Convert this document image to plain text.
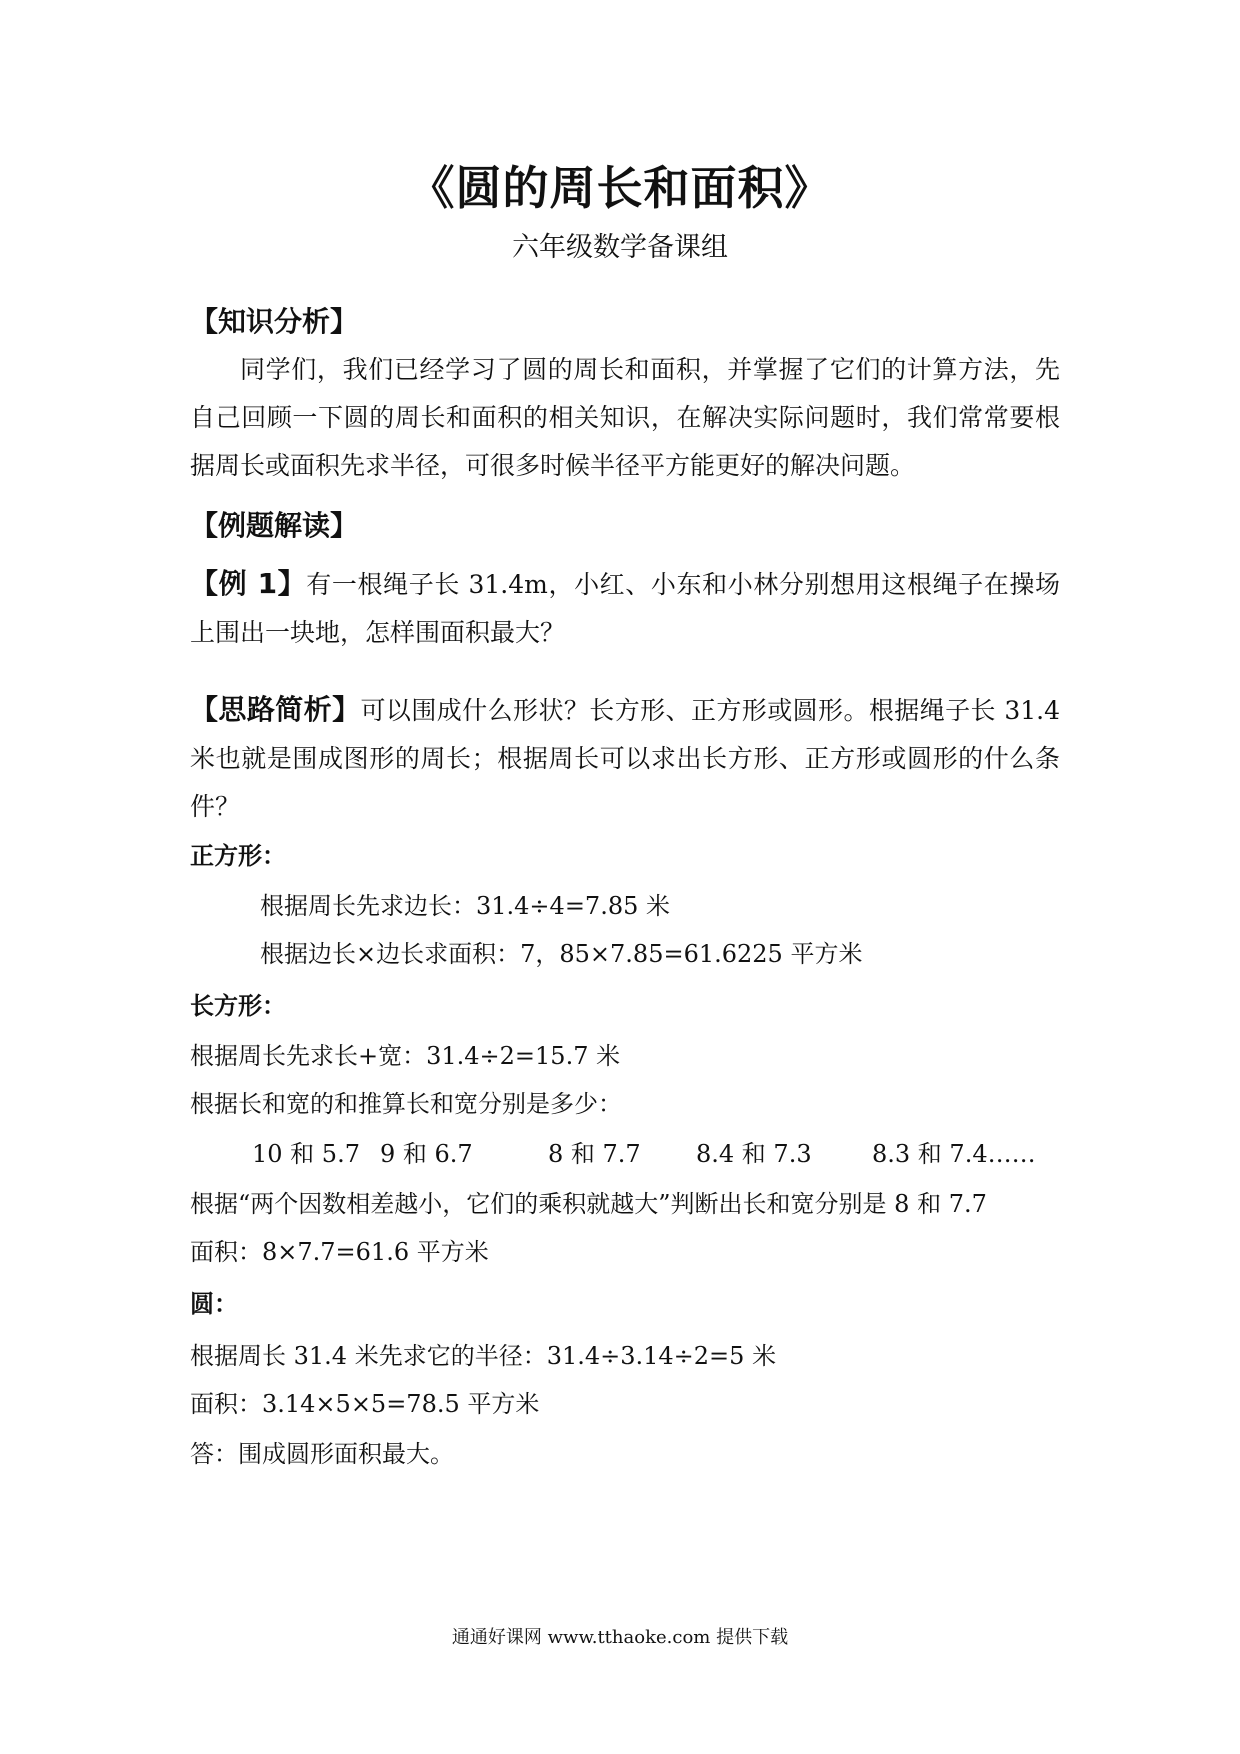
《圆的周长和面积》
六年级数学备课组
【知识分析】
同学们，我们已经学习了圆的周长和面积，并掌握了它们的计算方法，先自己回顾一下圆的周长和面积的相关知识，在解决实际问题时，我们常常要根据周长或面积先求半径，可很多时候半径平方能更好的解决问题。
【例题解读】
【例 1】有一根绳子长 31.4m，小红、小东和小林分别想用这根绳子在操场上围出一块地，怎样围面积最大？
【思路简析】可以围成什么形状？长方形、正方形或圆形。根据绳子长 31.4 米也就是围成图形的周长；根据周长可以求出长方形、正方形或圆形的什么条件？
正方形：
根据周长先求边长：31.4÷4=7.85 米
根据边长×边长求面积：7，85×7.85=61.6225 平方米
长方形：
根据周长先求长+宽：31.4÷2=15.7 米
根据长和宽的和推算长和宽分别是多少：
10 和 5.7 9 和 6.7	8 和 7.7 8.4 和 7.3	8.3 和 7.4……
根据“两个因数相差越小，它们的乘积就越大”判断出长和宽分别是 8 和 7.7
面积：8×7.7=61.6 平方米
圆：
根据周长 31.4 米先求它的半径：31.4÷3.14÷2=5 米
面积：3.14×5×5=78.5 平方米
答：围成圆形面积最大。
通通好课网 www.tthaoke.com 提供下载
